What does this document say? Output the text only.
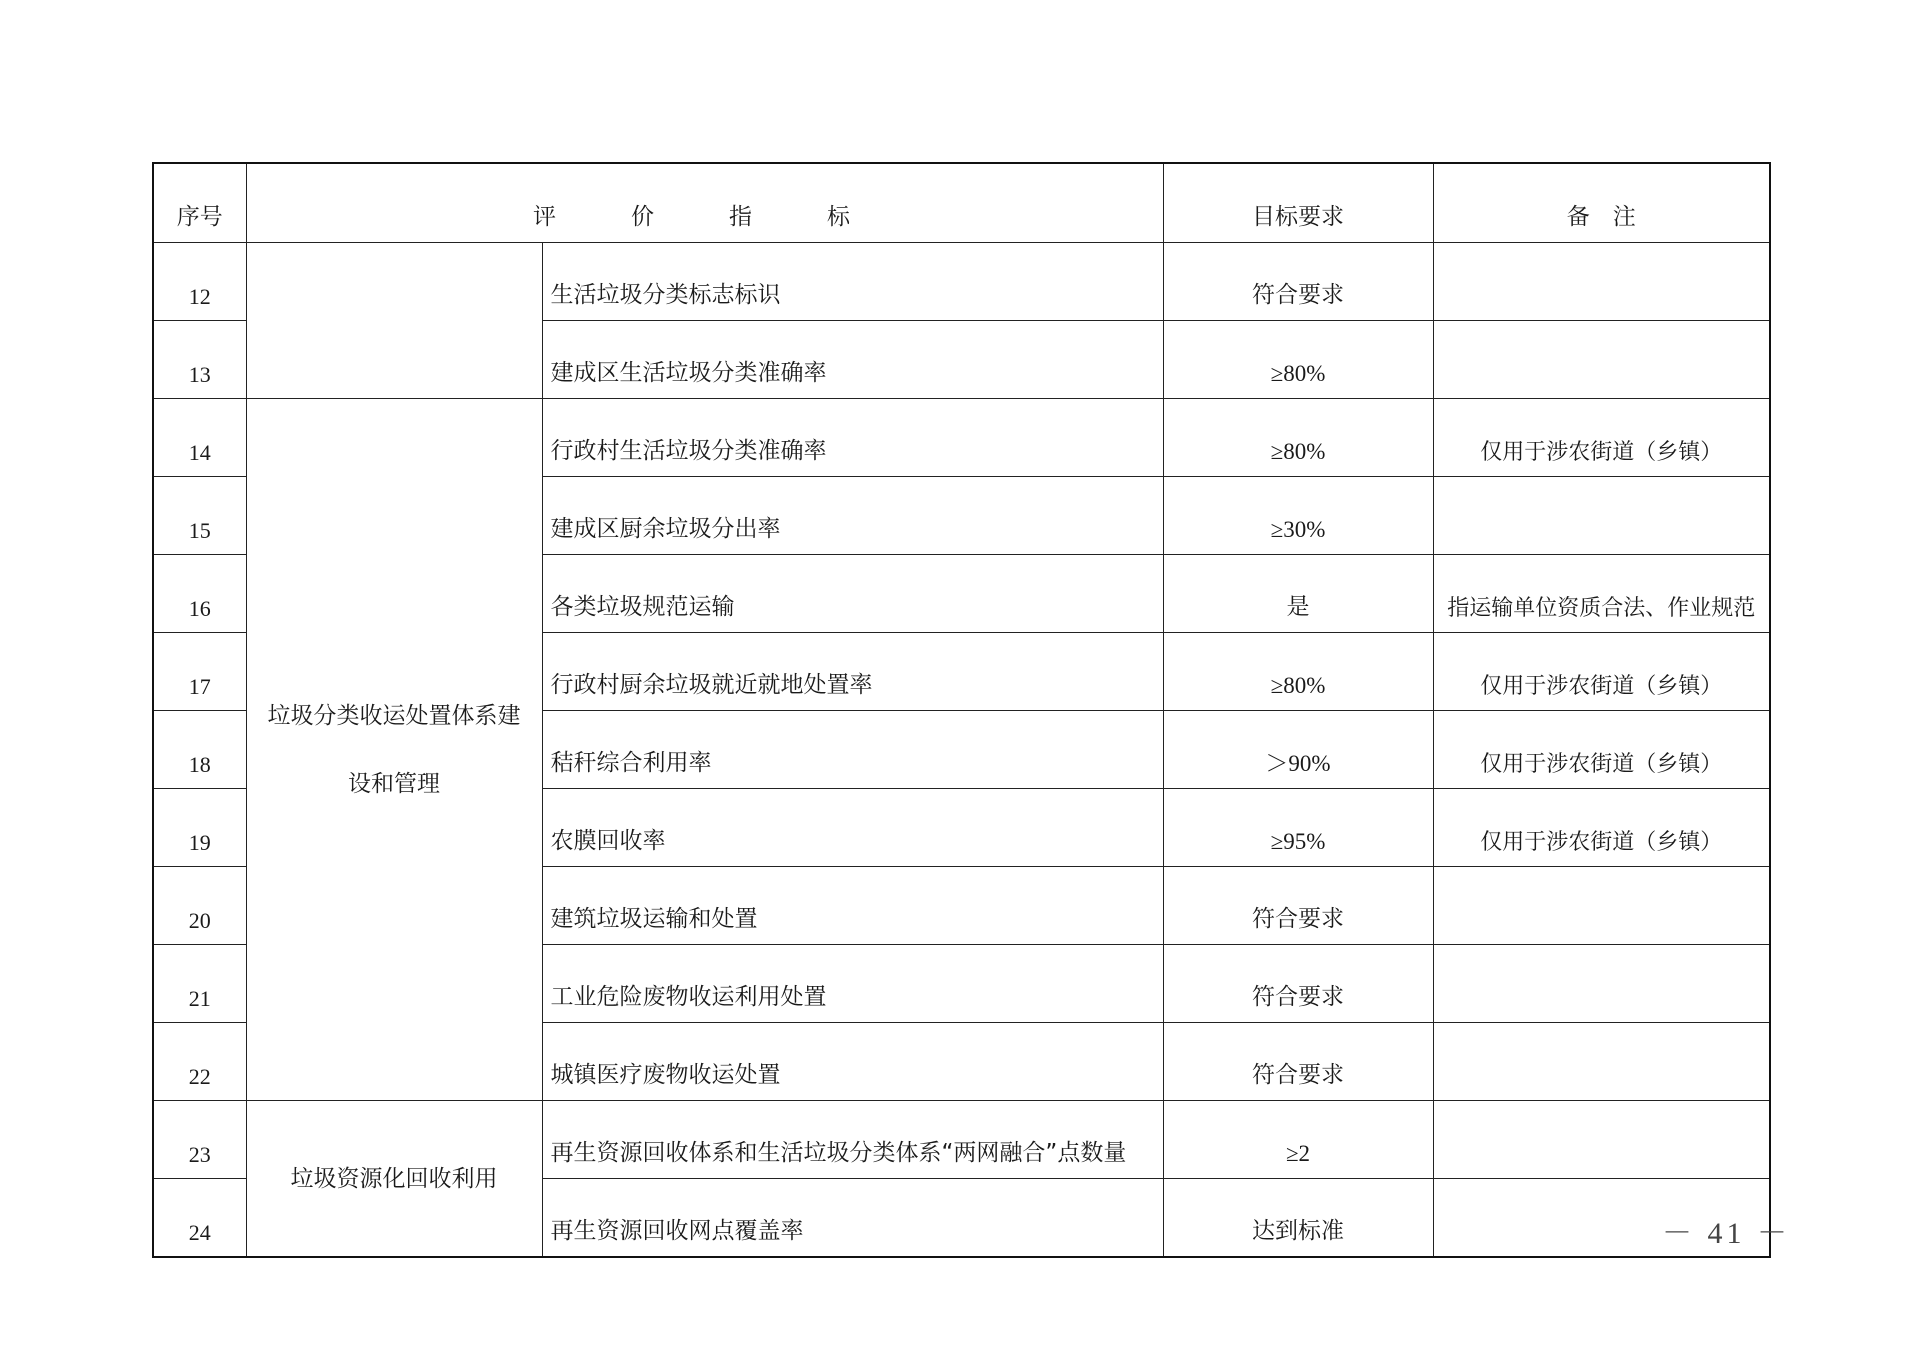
序号	评　价　指　标		目标要求	备　注
12		生活垃圾分类标志标识	符合要求	
13		建成区生活垃圾分类准确率	≥80%	
14	垃圾分类收运处置体系建设和管理	行政村生活垃圾分类准确率	≥80%	仅用于涉农街道（乡镇）
15		建成区厨余垃圾分出率	≥30%	
16		各类垃圾规范运输	是	指运输单位资质合法、作业规范
17		行政村厨余垃圾就近就地处置率	≥80%	仅用于涉农街道（乡镇）
18		秸秆综合利用率	＞90%	仅用于涉农街道（乡镇）
19		农膜回收率	≥95%	仅用于涉农街道（乡镇）
20		建筑垃圾运输和处置	符合要求	
21		工业危险废物收运利用处置	符合要求	
22		城镇医疗废物收运处置	符合要求	
23	垃圾资源化回收利用	再生资源回收体系和生活垃圾分类体系“两网融合”点数量	≥2	
24		再生资源回收网点覆盖率	达到标准		－ 41 －
